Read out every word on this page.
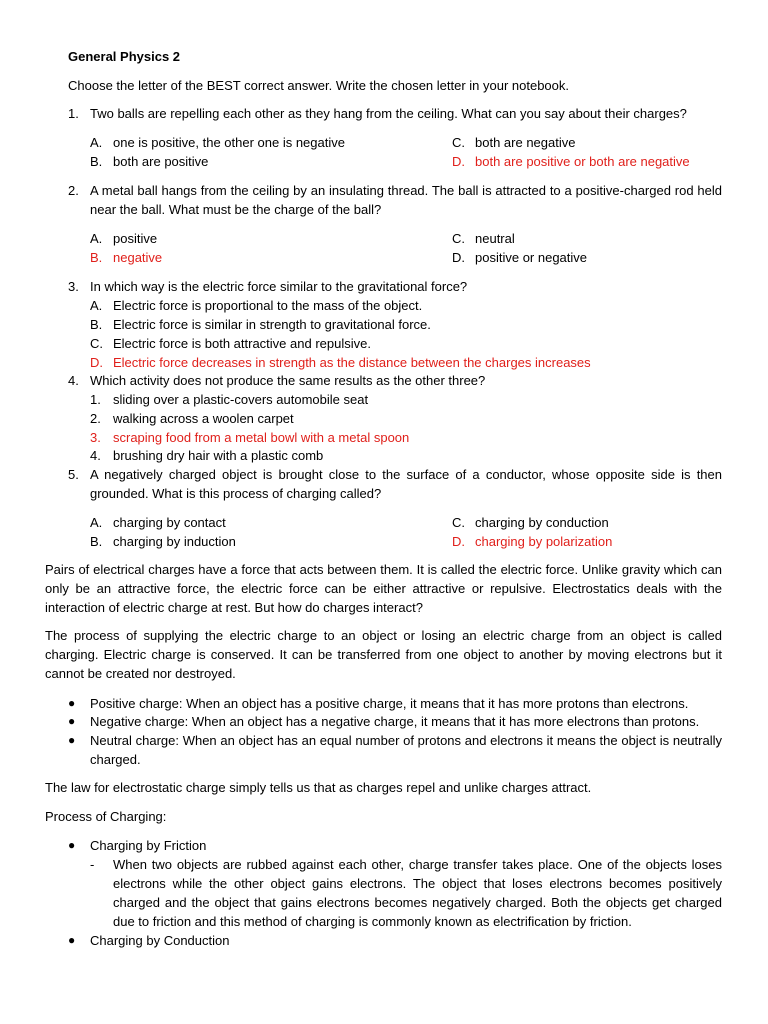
General Physics 2
Choose the letter of the BEST correct answer. Write the chosen letter in your notebook.
1. Two balls are repelling each other as they hang from the ceiling. What can you say about their charges?
A. one is positive, the other one is negative
B. both are positive
C. both are negative
D. both are positive or both are negative
2. A metal ball hangs from the ceiling by an insulating thread. The ball is attracted to a positive-charged rod held near the ball. What must be the charge of the ball?
A. positive
B. negative
C. neutral
D. positive or negative
3. In which way is the electric force similar to the gravitational force?
A. Electric force is proportional to the mass of the object.
B. Electric force is similar in strength to gravitational force.
C. Electric force is both attractive and repulsive.
D. Electric force decreases in strength as the distance between the charges increases
4. Which activity does not produce the same results as the other three?
1. sliding over a plastic-covers automobile seat
2. walking across a woolen carpet
3. scraping food from a metal bowl with a metal spoon
4. brushing dry hair with a plastic comb
5. A negatively charged object is brought close to the surface of a conductor, whose opposite side is then grounded. What is this process of charging called?
A. charging by contact
B. charging by induction
C. charging by conduction
D. charging by polarization
Pairs of electrical charges have a force that acts between them. It is called the electric force. Unlike gravity which can only be an attractive force, the electric force can be either attractive or repulsive. Electrostatics deals with the interaction of electric charge at rest. But how do charges interact?
The process of supplying the electric charge to an object or losing an electric charge from an object is called charging. Electric charge is conserved. It can be transferred from one object to another by moving electrons but it cannot be created nor destroyed.
● Positive charge: When an object has a positive charge, it means that it has more protons than electrons.
● Negative charge: When an object has a negative charge, it means that it has more electrons than protons.
● Neutral charge: When an object has an equal number of protons and electrons it means the object is neutrally charged.
The law for electrostatic charge simply tells us that as charges repel and unlike charges attract.
Process of Charging:
● Charging by Friction
- When two objects are rubbed against each other, charge transfer takes place. One of the objects loses electrons while the other object gains electrons. The object that loses electrons becomes positively charged and the object that gains electrons becomes negatively charged. Both the objects get charged due to friction and this method of charging is commonly known as electrification by friction.
● Charging by Conduction
